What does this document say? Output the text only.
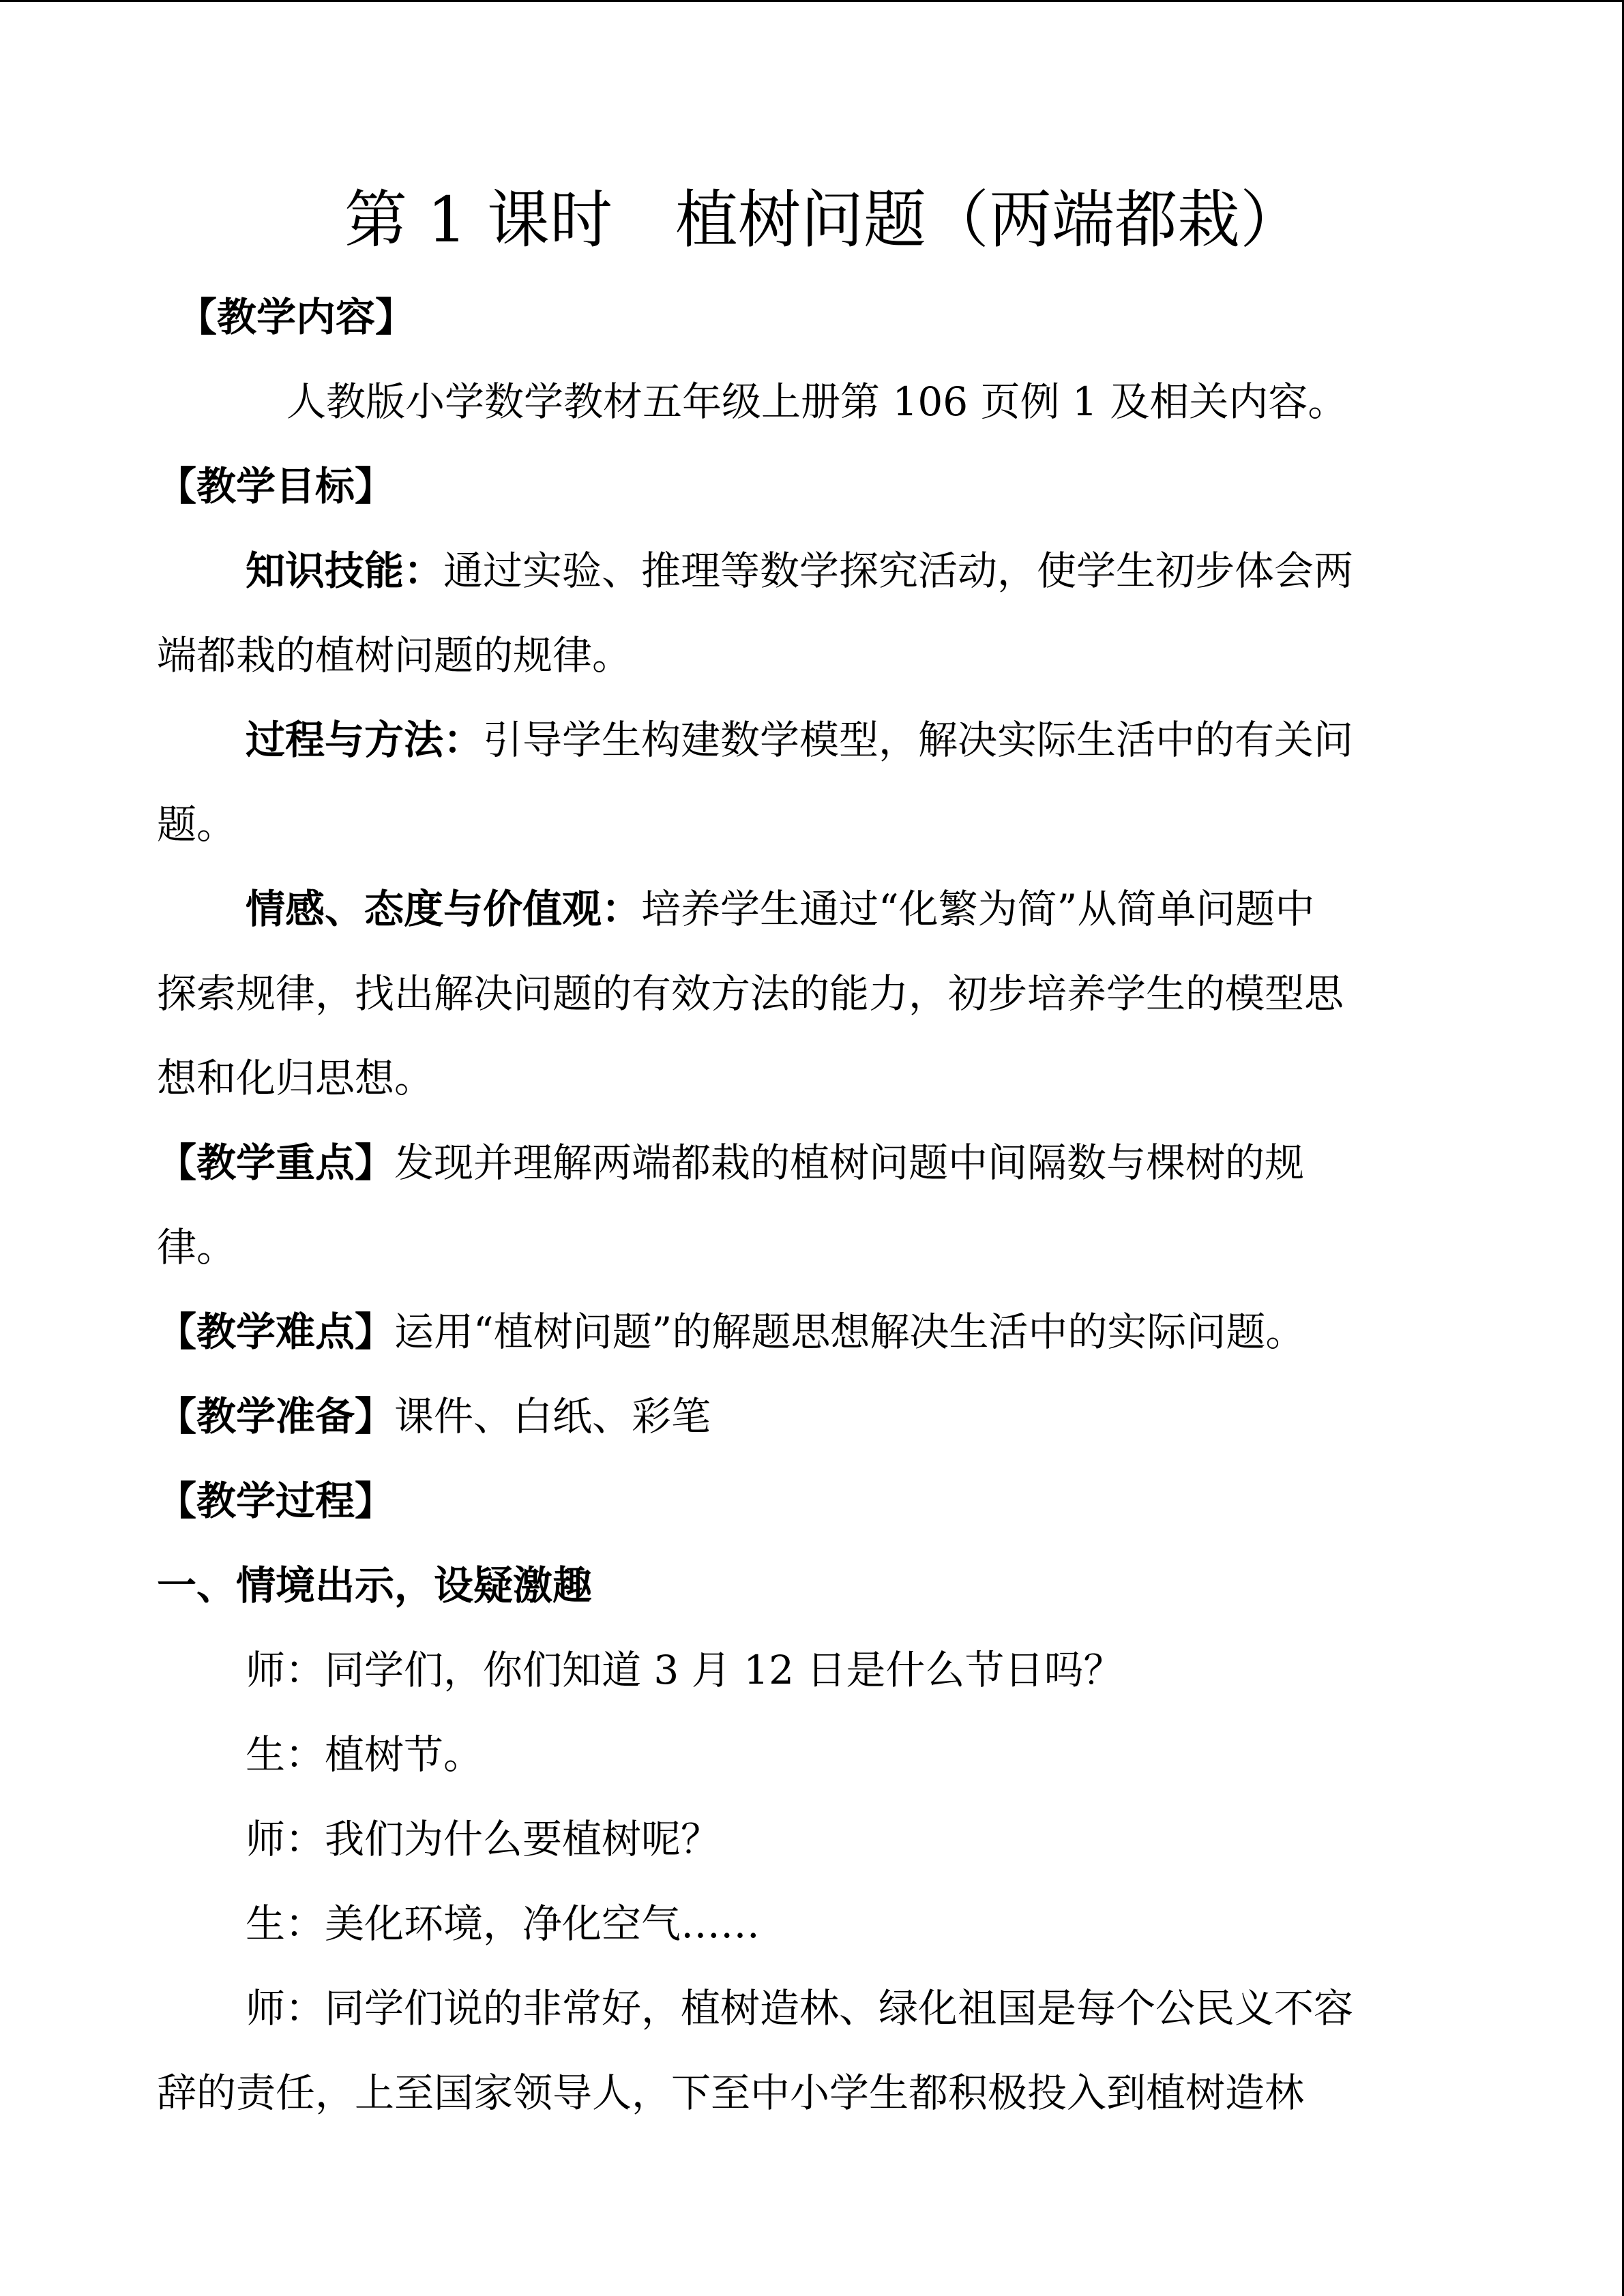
第 1 课时　植树问题（两端都栽）
【教学内容】
人教版小学数学教材五年级上册第 106 页例 1 及相关内容。
【教学目标】
知识技能：通过实验、推理等数学探究活动，使学生初步体会两
端都栽的植树问题的规律。
过程与方法：引导学生构建数学模型，解决实际生活中的有关问
题。
情感、态度与价值观：培养学生通过“化繁为简”从简单问题中
探索规律，找出解决问题的有效方法的能力，初步培养学生的模型思
想和化归思想。
【教学重点】发现并理解两端都栽的植树问题中间隔数与棵树的规
律。
【教学难点】运用“植树问题”的解题思想解决生活中的实际问题。
【教学准备】课件、白纸、彩笔
【教学过程】
一、情境出示，设疑激趣
师：同学们，你们知道 3 月 12 日是什么节日吗？
生：植树节。
师：我们为什么要植树呢？
生：美化环境，净化空气……
师：同学们说的非常好，植树造林、绿化祖国是每个公民义不容
辞的责任，上至国家领导人，下至中小学生都积极投入到植树造林
